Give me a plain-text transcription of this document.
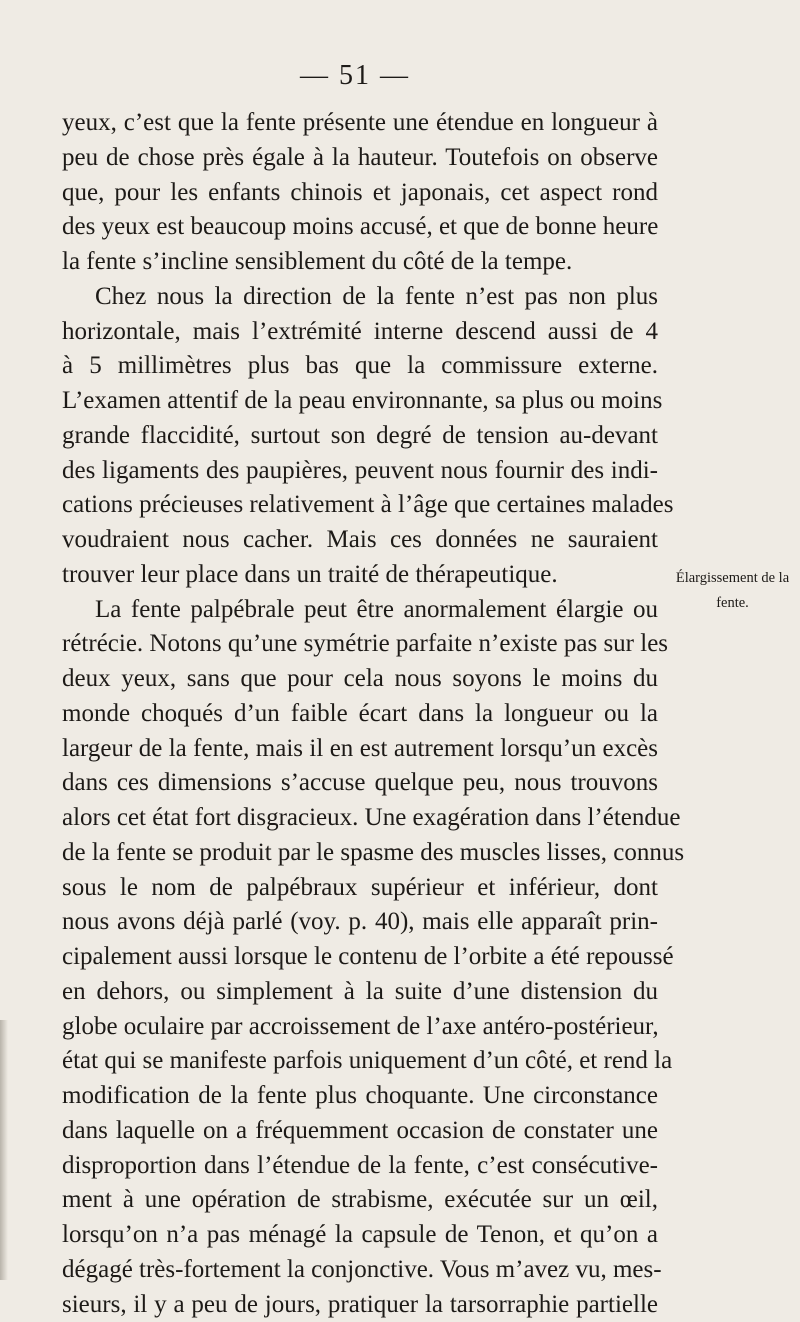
— 51 —
yeux, c’est que la fente présente une étendue en longueur à
peu de chose près égale à la hauteur. Toutefois on observe
que, pour les enfants chinois et japonais, cet aspect rond
des yeux est beaucoup moins accusé, et que de bonne heure
la fente s’incline sensiblement du côté de la tempe.
Chez nous la direction de la fente n’est pas non plus
horizontale, mais l’extrémité interne descend aussi de 4
à 5 millimètres plus bas que la commissure externe.
L’examen attentif de la peau environnante, sa plus ou moins
grande flaccidité, surtout son degré de tension au-devant
des ligaments des paupières, peuvent nous fournir des indi-
cations précieuses relativement à l’âge que certaines malades
voudraient nous cacher. Mais ces données ne sauraient
trouver leur place dans un traité de thérapeutique.
La fente palpébrale peut être anormalement élargie ou
rétrécie. Notons qu’une symétrie parfaite n’existe pas sur les
deux yeux, sans que pour cela nous soyons le moins du
monde choqués d’un faible écart dans la longueur ou la
largeur de la fente, mais il en est autrement lorsqu’un excès
dans ces dimensions s’accuse quelque peu, nous trouvons
alors cet état fort disgracieux. Une exagération dans l’étendue
de la fente se produit par le spasme des muscles lisses, connus
sous le nom de palpébraux supérieur et inférieur, dont
nous avons déjà parlé (voy. p. 40), mais elle apparaît prin-
cipalement aussi lorsque le contenu de l’orbite a été repoussé
en dehors, ou simplement à la suite d’une distension du
globe oculaire par accroissement de l’axe antéro-postérieur,
état qui se manifeste parfois uniquement d’un côté, et rend la
modification de la fente plus choquante. Une circonstance
dans laquelle on a fréquemment occasion de constater une
disproportion dans l’étendue de la fente, c’est consécutive-
ment à une opération de strabisme, exécutée sur un œil,
lorsqu’on n’a pas ménagé la capsule de Tenon, et qu’on a
dégagé très-fortement la conjonctive. Vous m’avez vu, mes-
sieurs, il y a peu de jours, pratiquer la tarsorraphie partielle
Élargissement de la
fente.
